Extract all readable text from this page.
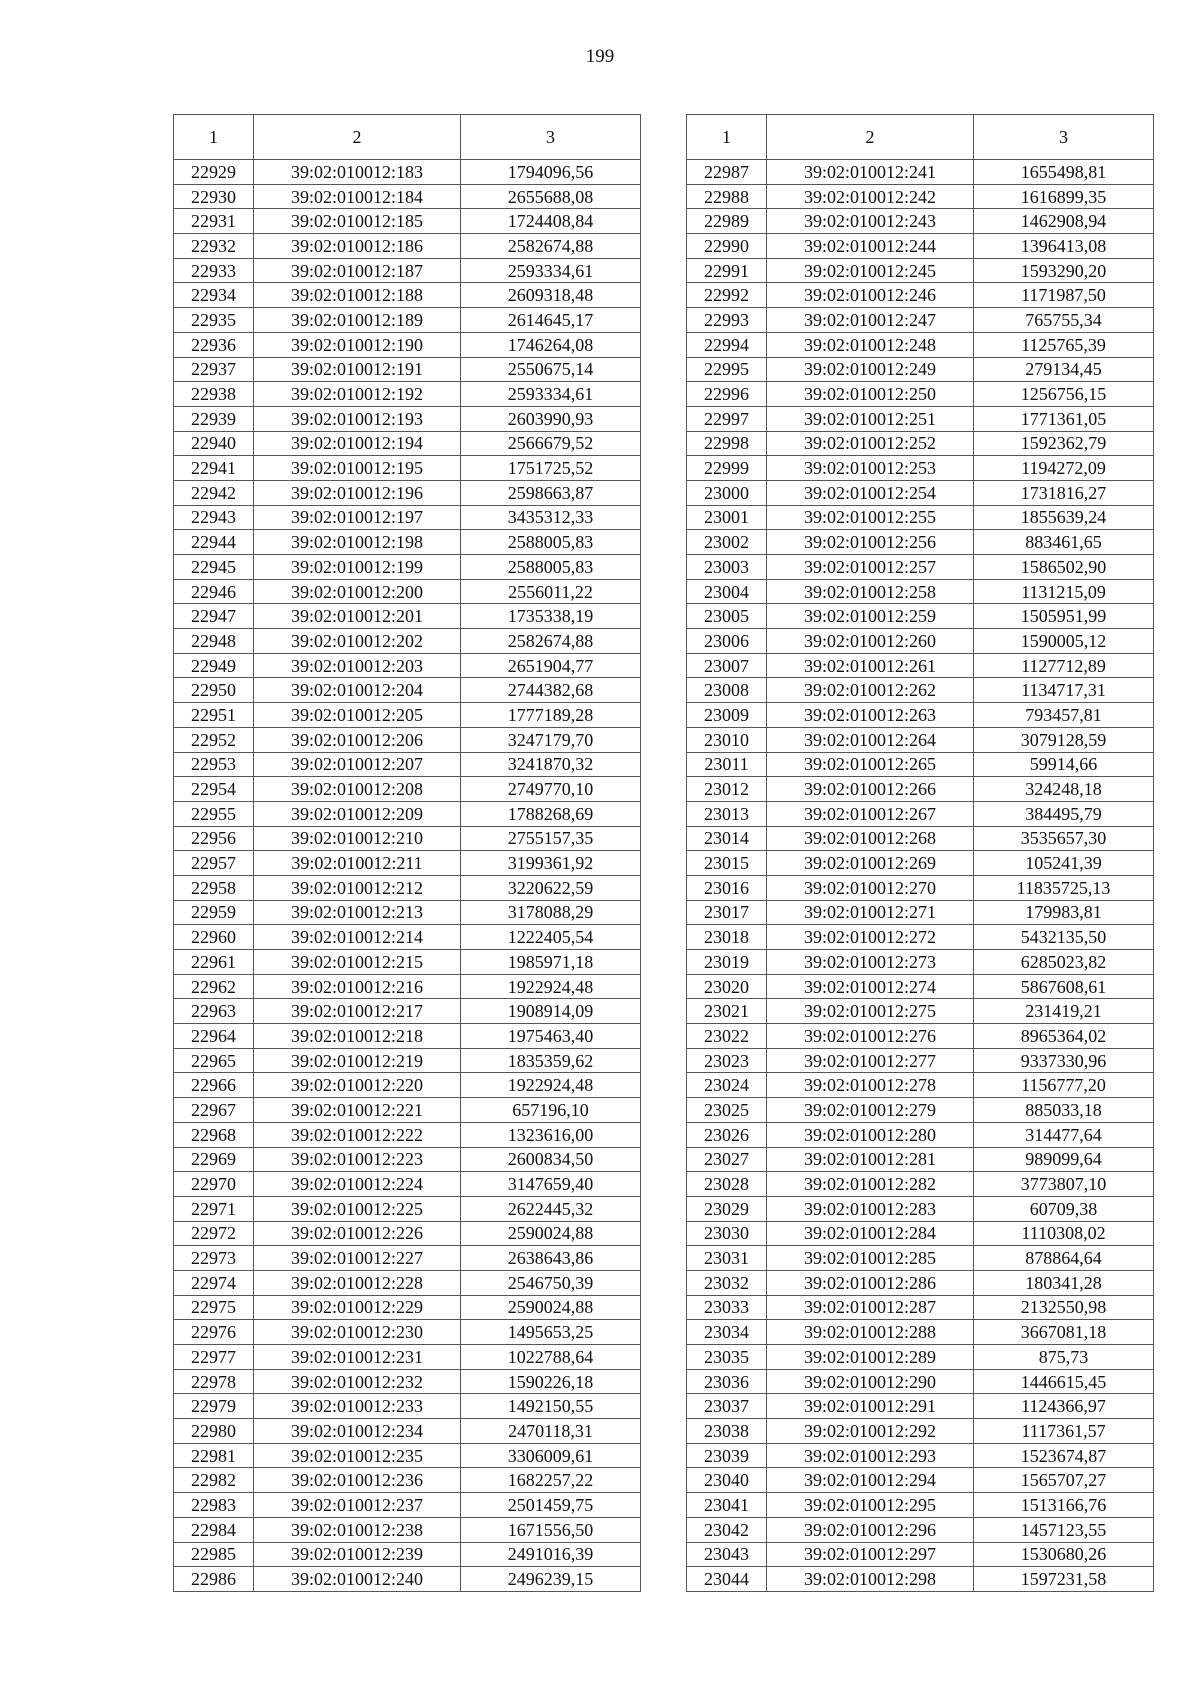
199
1	2	3
22929	39:02:010012:183	1794096,56
22930	39:02:010012:184	2655688,08
22931	39:02:010012:185	1724408,84
22932	39:02:010012:186	2582674,88
22933	39:02:010012:187	2593334,61
22934	39:02:010012:188	2609318,48
22935	39:02:010012:189	2614645,17
22936	39:02:010012:190	1746264,08
22937	39:02:010012:191	2550675,14
22938	39:02:010012:192	2593334,61
22939	39:02:010012:193	2603990,93
22940	39:02:010012:194	2566679,52
22941	39:02:010012:195	1751725,52
22942	39:02:010012:196	2598663,87
22943	39:02:010012:197	3435312,33
22944	39:02:010012:198	2588005,83
22945	39:02:010012:199	2588005,83
22946	39:02:010012:200	2556011,22
22947	39:02:010012:201	1735338,19
22948	39:02:010012:202	2582674,88
22949	39:02:010012:203	2651904,77
22950	39:02:010012:204	2744382,68
22951	39:02:010012:205	1777189,28
22952	39:02:010012:206	3247179,70
22953	39:02:010012:207	3241870,32
22954	39:02:010012:208	2749770,10
22955	39:02:010012:209	1788268,69
22956	39:02:010012:210	2755157,35
22957	39:02:010012:211	3199361,92
22958	39:02:010012:212	3220622,59
22959	39:02:010012:213	3178088,29
22960	39:02:010012:214	1222405,54
22961	39:02:010012:215	1985971,18
22962	39:02:010012:216	1922924,48
22963	39:02:010012:217	1908914,09
22964	39:02:010012:218	1975463,40
22965	39:02:010012:219	1835359,62
22966	39:02:010012:220	1922924,48
22967	39:02:010012:221	657196,10
22968	39:02:010012:222	1323616,00
22969	39:02:010012:223	2600834,50
22970	39:02:010012:224	3147659,40
22971	39:02:010012:225	2622445,32
22972	39:02:010012:226	2590024,88
22973	39:02:010012:227	2638643,86
22974	39:02:010012:228	2546750,39
22975	39:02:010012:229	2590024,88
22976	39:02:010012:230	1495653,25
22977	39:02:010012:231	1022788,64
22978	39:02:010012:232	1590226,18
22979	39:02:010012:233	1492150,55
22980	39:02:010012:234	2470118,31
22981	39:02:010012:235	3306009,61
22982	39:02:010012:236	1682257,22
22983	39:02:010012:237	2501459,75
22984	39:02:010012:238	1671556,50
22985	39:02:010012:239	2491016,39
22986	39:02:010012:240	2496239,15
1	2	3
22987	39:02:010012:241	1655498,81
22988	39:02:010012:242	1616899,35
22989	39:02:010012:243	1462908,94
22990	39:02:010012:244	1396413,08
22991	39:02:010012:245	1593290,20
22992	39:02:010012:246	1171987,50
22993	39:02:010012:247	765755,34
22994	39:02:010012:248	1125765,39
22995	39:02:010012:249	279134,45
22996	39:02:010012:250	1256756,15
22997	39:02:010012:251	1771361,05
22998	39:02:010012:252	1592362,79
22999	39:02:010012:253	1194272,09
23000	39:02:010012:254	1731816,27
23001	39:02:010012:255	1855639,24
23002	39:02:010012:256	883461,65
23003	39:02:010012:257	1586502,90
23004	39:02:010012:258	1131215,09
23005	39:02:010012:259	1505951,99
23006	39:02:010012:260	1590005,12
23007	39:02:010012:261	1127712,89
23008	39:02:010012:262	1134717,31
23009	39:02:010012:263	793457,81
23010	39:02:010012:264	3079128,59
23011	39:02:010012:265	59914,66
23012	39:02:010012:266	324248,18
23013	39:02:010012:267	384495,79
23014	39:02:010012:268	3535657,30
23015	39:02:010012:269	105241,39
23016	39:02:010012:270	11835725,13
23017	39:02:010012:271	179983,81
23018	39:02:010012:272	5432135,50
23019	39:02:010012:273	6285023,82
23020	39:02:010012:274	5867608,61
23021	39:02:010012:275	231419,21
23022	39:02:010012:276	8965364,02
23023	39:02:010012:277	9337330,96
23024	39:02:010012:278	1156777,20
23025	39:02:010012:279	885033,18
23026	39:02:010012:280	314477,64
23027	39:02:010012:281	989099,64
23028	39:02:010012:282	3773807,10
23029	39:02:010012:283	60709,38
23030	39:02:010012:284	1110308,02
23031	39:02:010012:285	878864,64
23032	39:02:010012:286	180341,28
23033	39:02:010012:287	2132550,98
23034	39:02:010012:288	3667081,18
23035	39:02:010012:289	875,73
23036	39:02:010012:290	1446615,45
23037	39:02:010012:291	1124366,97
23038	39:02:010012:292	1117361,57
23039	39:02:010012:293	1523674,87
23040	39:02:010012:294	1565707,27
23041	39:02:010012:295	1513166,76
23042	39:02:010012:296	1457123,55
23043	39:02:010012:297	1530680,26
23044	39:02:010012:298	1597231,58
